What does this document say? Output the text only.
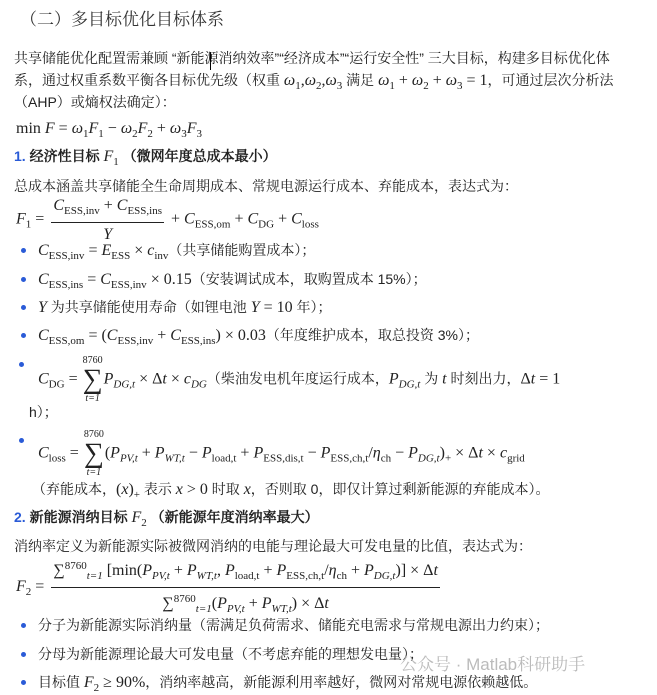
（二）多目标优化目标体系
共享储能优化配置需兼顾 “新能源消纳效率”“经济成本”“运行安全性” 三大目标，构建多目标优化体
系，通过权重系数平衡各目标优先级（权重 $\omega_1,\omega_2,\omega_3$ 满足 $\omega_1 + \omega_2 + \omega_3 = 1$，可通过层次分析法
（AHP）或熵权法确定）：
$\min F = \omega_1F_1 - \omega_2F_2 + \omega_3F_3$
1. 经济性目标 $F_1$ （微网年度总成本最小）
总成本涵盖共享储能全生命周期成本、常规电源运行成本、弃能成本，表达式为：
$F_1 = \frac{C_{ESS,inv} + C_{ESS,ins}}{Y} + C_{ESS,om} + C_{DG} + C_{loss}$
$C_{ESS,inv} = E_{ESS} \times c_{inv}$（共享储能购置成本）；
$C_{ESS,ins} = C_{ESS,inv} \times 0.15$（安装调试成本，取购置成本 15%）；
Y 为共享储能使用寿命（如锂电池 Y = 10 年）；
$C_{ESS,om} = (C_{ESS,inv} + C_{ESS,ins}) \times 0.03$（年度维护成本，取总投资 3%）；
$C_{DG}$ =
8760
∑
t=1
$P_{DG,t} \times \Delta t \times c_{DG}$（柴油发电机年度运行成本，$P_{DG,t}$ 为 t 时刻出力，Δt = 1
h）；
$C_{loss}$ =
8760
∑
t=1
$(P_{PV,t} + P_{WT,t} - P_{load,t} + P_{ESS,dis,t} - P_{ESS,ch,t}/\eta_{ch} - P_{DG,t})_+ \times \Delta t \times c_{grid}$
（弃能成本，$(x)_+$ 表示 x > 0 时取 x，否则取 0，即仅计算过剩新能源的弃能成本）。
2. 新能源消纳目标 $F_2$ （新能源年度消纳率最大）
消纳率定义为新能源实际被微网消纳的电能与理论最大可发电量的比值，表达式为：
$F_2$ =
∑$^{8760}_{t=1}$ [$\min(P_{PV,t} + P_{WT,t}$, $P_{load,t} + P_{ESS,ch,t}/\eta_{ch} + P_{DG,t})] \times \Delta t$
$\sum^{8760}_{t=1}(P_{PV,t} + P_{WT,t}) \times \Delta t$
分子为新能源实际消纳量（需满足负荷需求、储能充电需求与常规电源出力约束）；
分母为新能源理论最大可发电量（不考虑弃能的理想发电量）；
目标值 $F_2 \ge 90\%$，消纳率越高，新能源利用率越好，微网对常规电源依赖越低。
公众号 · Matlab科研助手
